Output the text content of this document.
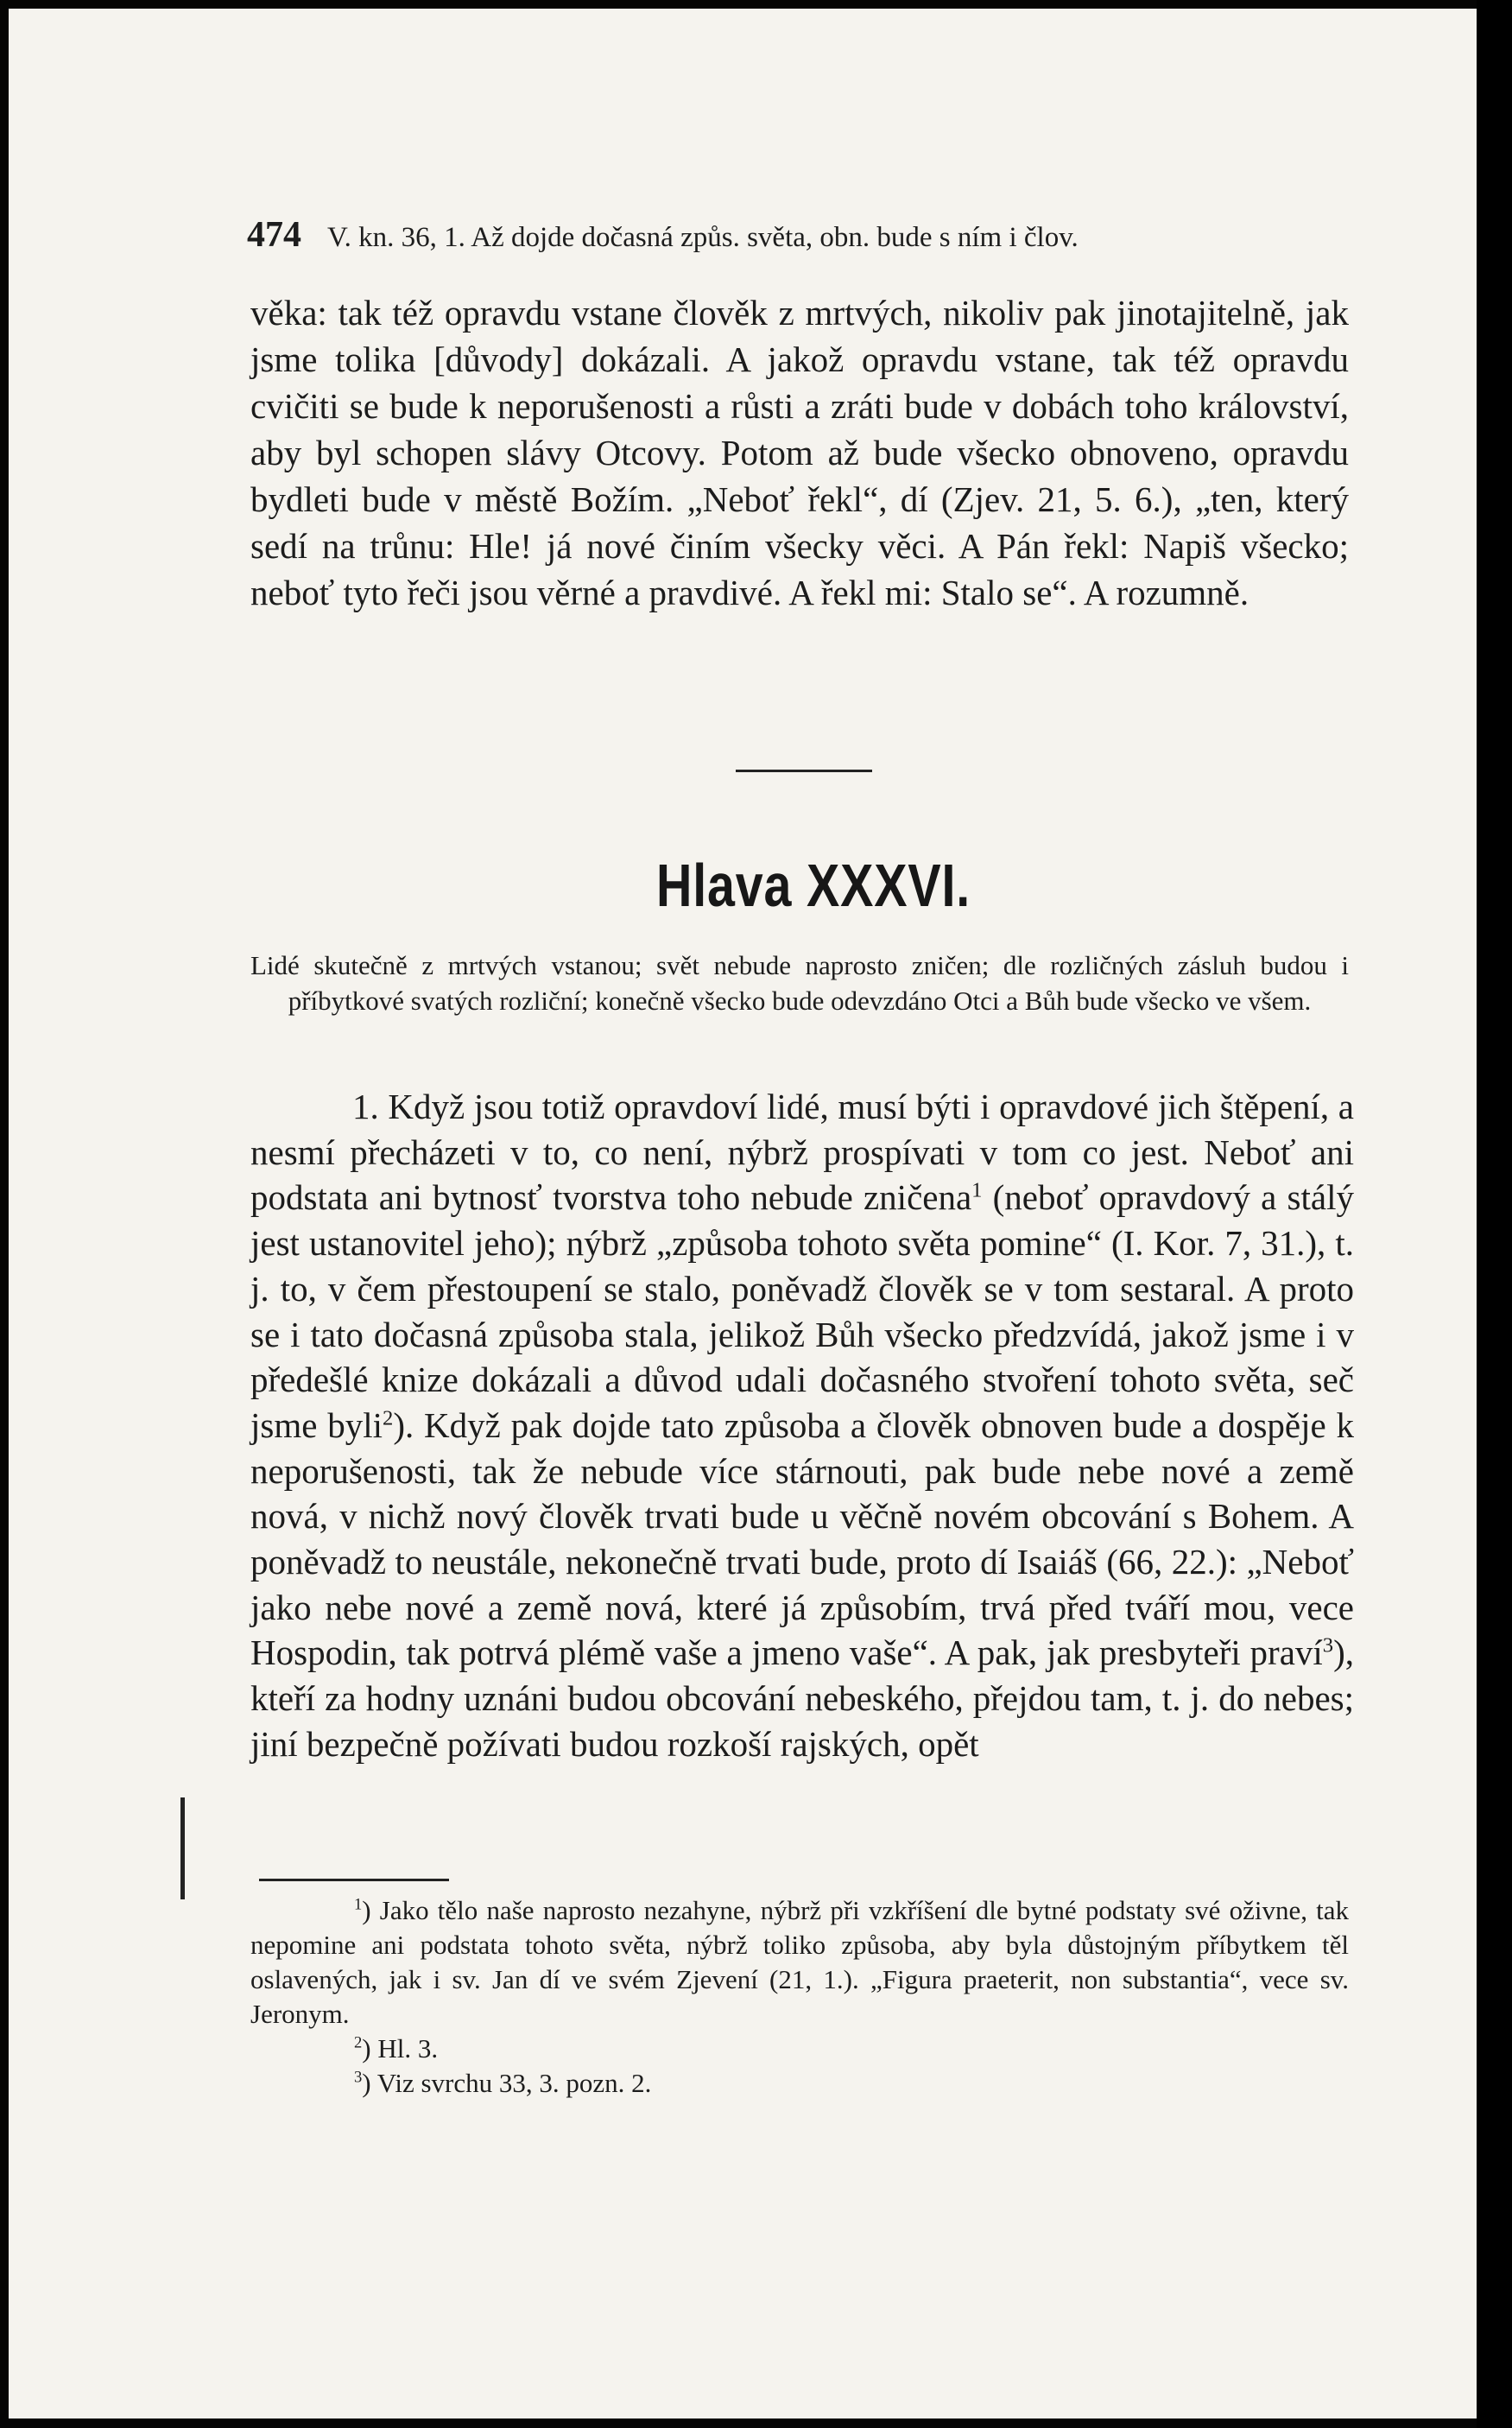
474 V. kn. 36, 1. Až dojde dočasná způs. světa, obn. bude s ním i člov.
věka: tak též opravdu vstane člověk z mrtvých, nikoliv pak jinotajitelně, jak jsme tolika [důvody] dokázali. A jakož opravdu vstane, tak též opravdu cvičiti se bude k neporušenosti a růsti a zráti bude v dobách toho království, aby byl schopen slávy Otcovy. Potom až bude všecko obnoveno, opravdu bydleti bude v městě Božím. „Neboť řekl“, dí (Zjev. 21, 5. 6.), „ten, který sedí na trůnu: Hle! já nové činím všecky věci. A Pán řekl: Napiš všecko; neboť tyto řeči jsou věrné a pravdivé. A řekl mi: Stalo se“. A rozumně.
Hlava XXXVI.
Lidé skutečně z mrtvých vstanou; svět nebude naprosto zničen; dle rozličných zásluh budou i příbytkové svatých rozliční; konečně všecko bude odevzdáno Otci a Bůh bude všecko ve všem.

1. Když jsou totiž opravdoví lidé, musí býti i opravdové jich štěpení, a nesmí přecházeti v to, co není, nýbrž prospívati v tom co jest. Neboť ani podstata ani bytnosť tvorstva toho nebude zničena$^1$ (neboť opravdový a stálý jest ustanovitel jeho); nýbrž „způsoba tohoto světa pomine“ (I. Kor. 7, 31.), t. j. to, v čem přestoupení se stalo, poněvadž člověk se v tom sestaral. A proto se i tato dočasná způsoba stala, jelikož Bůh všecko předzvídá, jakož jsme i v předešlé knize dokázali a důvod udali dočasného stvoření tohoto světa, seč jsme byli$^2$). Když pak dojde tato způsoba a člověk obnoven bude a dospěje k neporušenosti, tak že nebude více stárnouti, pak bude nebe nové a země nová, v nichž nový člověk trvati bude u věčně novém obcování s Bohem. A poněvadž to neustále, nekonečně trvati bude, proto dí Isaiáš (66, 22.): „Neboť jako nebe nové a země nová, které já způsobím, trvá před tváří mou, vece Hospodin, tak potrvá plémě vaše a jmeno vaše“. A pak, jak presbyteři praví$^3$), kteří za hodny uznáni budou obcování nebeského, přejdou tam, t. j. do nebes; jiní bezpečně požívati budou rozkoší rajských, opět

$^1$) Jako tělo naše naprosto nezahyne, nýbrž při vzkříšení dle bytné podstaty své oživne, tak nepomine ani podstata tohoto světa, nýbrž toliko způsoba, aby byla důstojným příbytkem těl oslavených, jak i sv. Jan dí ve svém Zjevení (21, 1.). „Figura praeterit, non substantia“, vece sv. Jeronym.

$^2$) Hl. 3.

$^3$) Viz svrchu 33, 3. pozn. 2.
